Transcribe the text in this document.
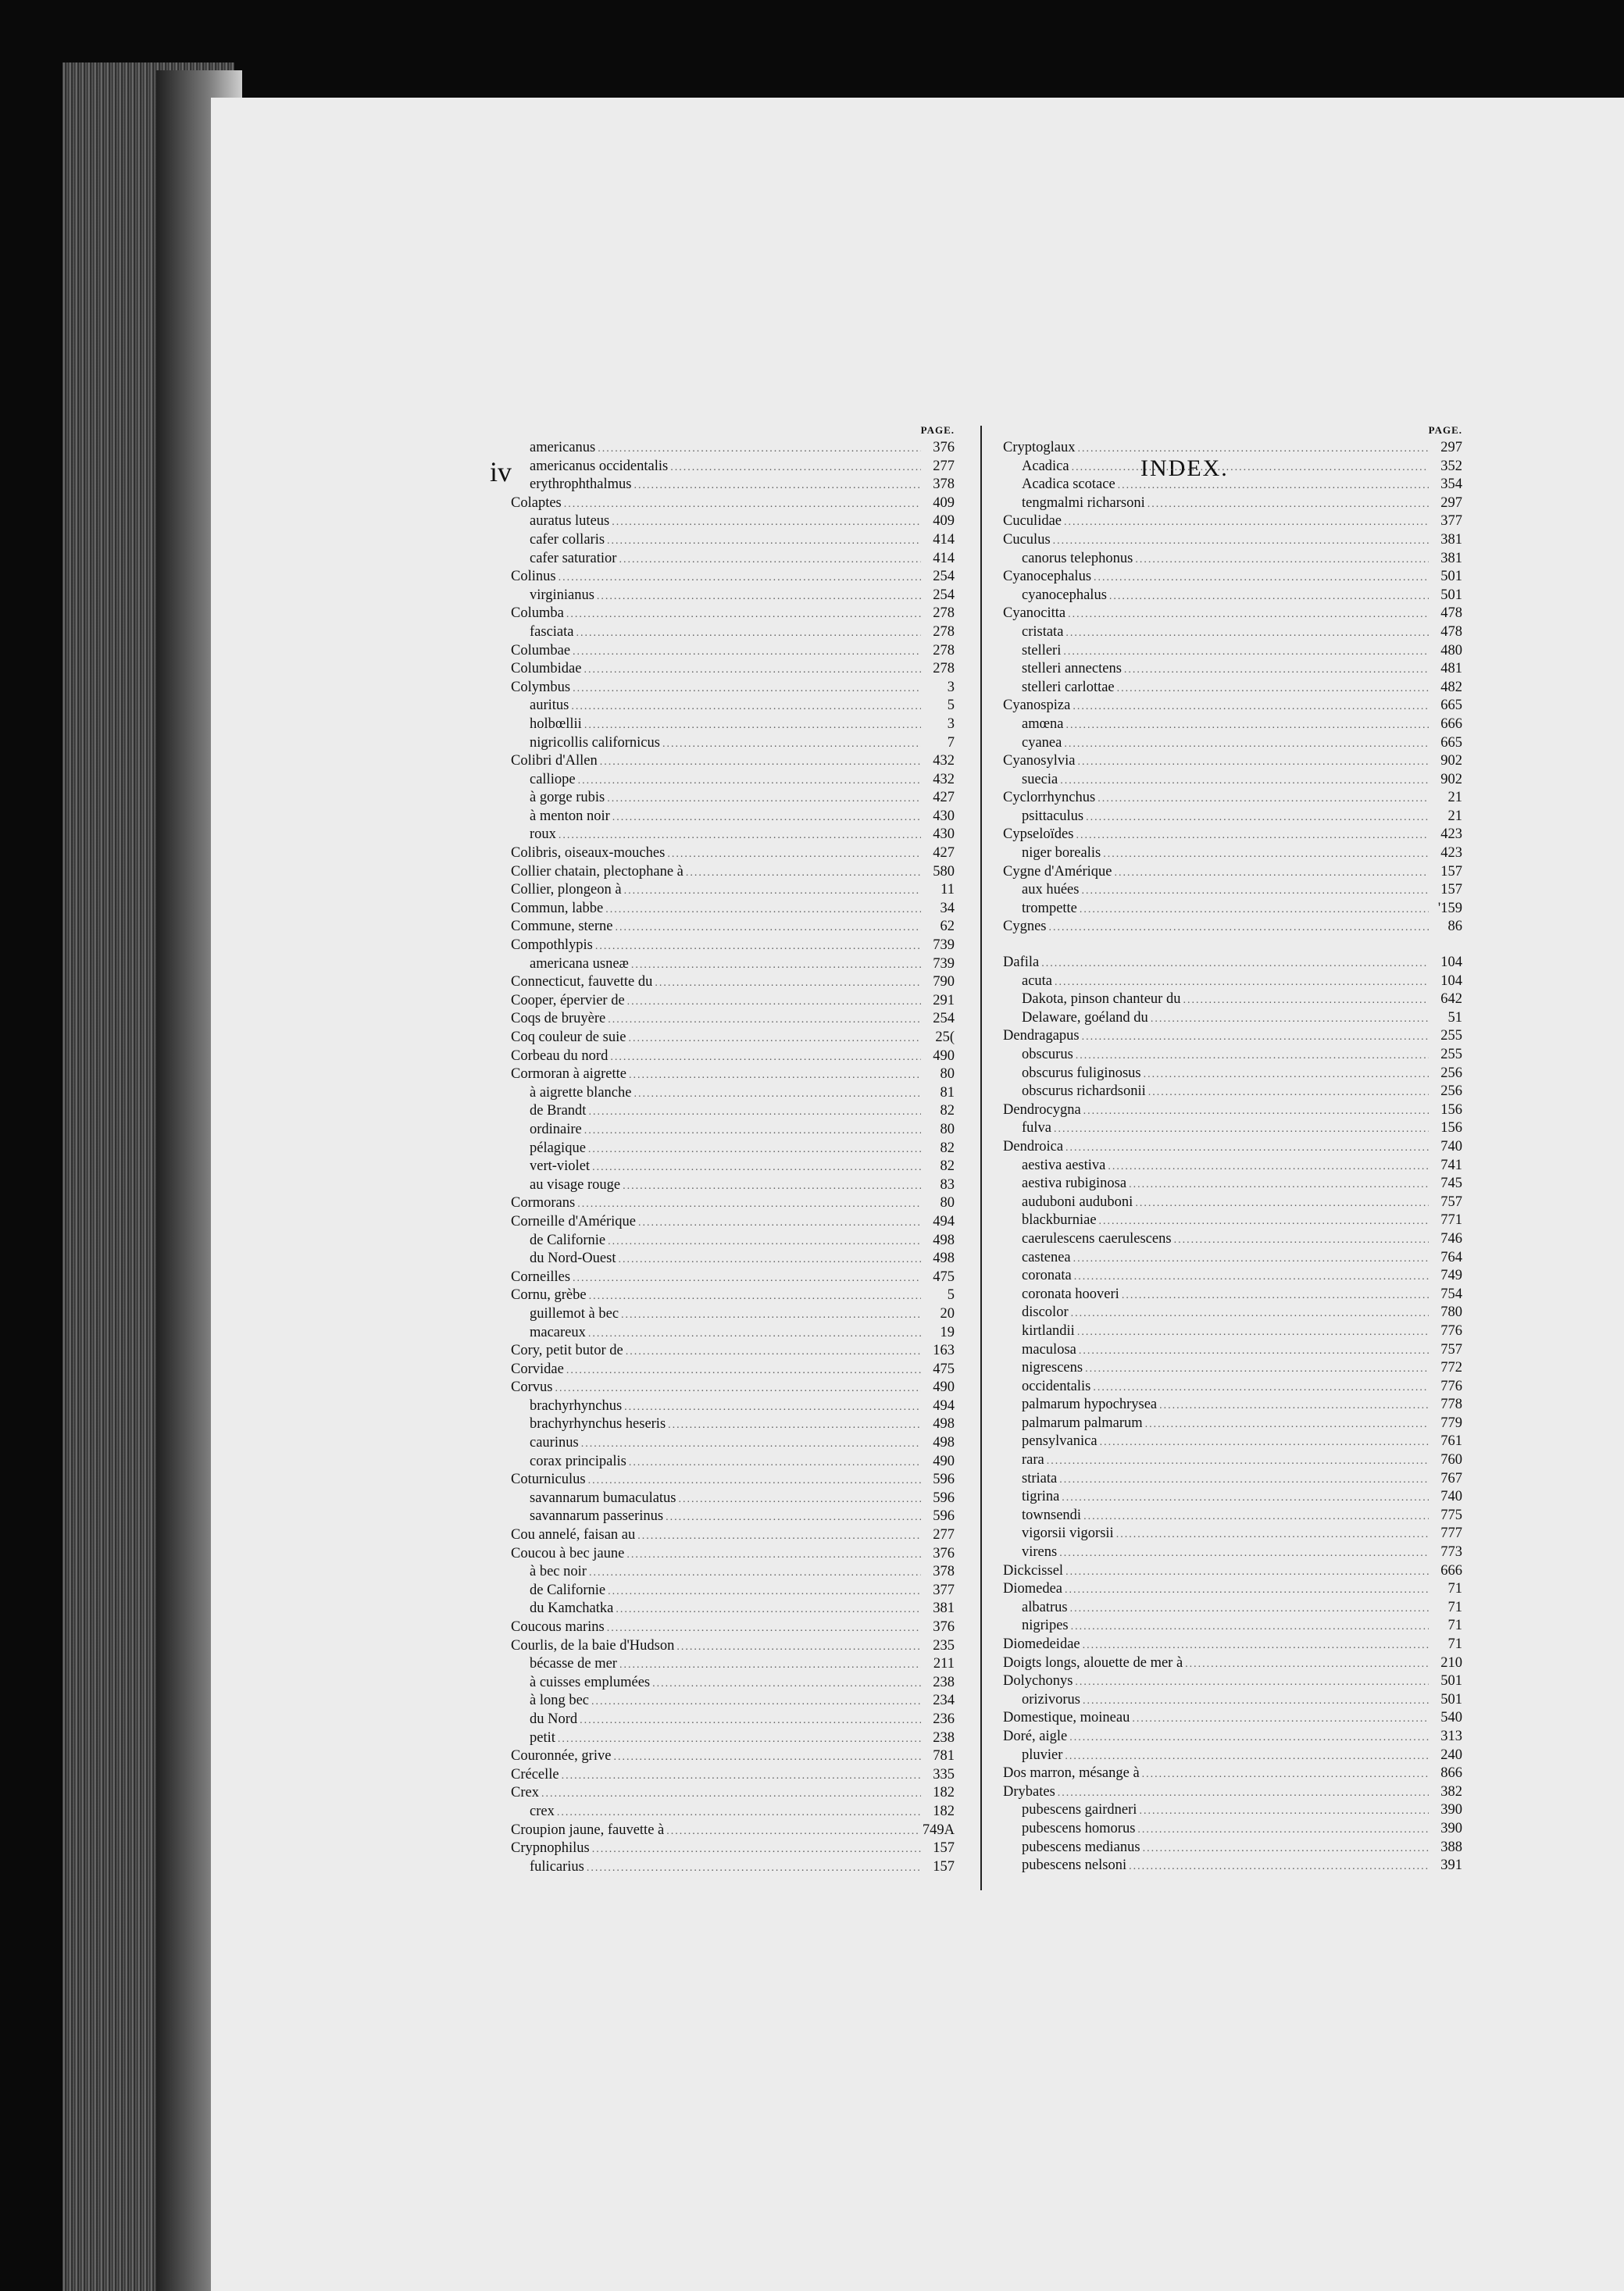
iv	INDEX.
PAGE.
americanus .....	376
americanus occidentalis .....	277
erythrophthalmus .....	378
Colaptes .....	409
auratus luteus .....	409
cafer collaris .....	414
cafer saturatior .....	414
Colinus .....	254
virginianus .....	254
Columba .....	278
fasciata .....	278
Columbae .....	278
Columbidae .....	278
Colymbus .....	3
auritus .....	5
holbœllii .....	3
nigricollis californicus .....	7
Colibri d'Allen .....	432
calliope .....	432
à gorge rubis .....	427
à menton noir .....	430
roux .....	430
Colibris, oiseaux-mouches .....	427
Collier chatain, plectophane à .....	580
Collier, plongeon à .....	11
Commun, labbe .....	34
Commune, sterne .....	62
Compothlypis .....	739
americana usneæ .....	739
Connecticut, fauvette du .....	790
Cooper, épervier de .....	291
Coqs de bruyère .....	254
Coq couleur de suie .....	25(
Corbeau du nord .....	490
Cormoran à aigrette .....	80
à aigrette blanche .....	81
de Brandt .....	82
ordinaire .....	80
pélagique .....	82
vert-violet .....	82
au visage rouge .....	83
Cormorans .....	80
Corneille d'Amérique .....	494
de Californie .....	498
du Nord-Ouest .....	498
Corneilles .....	475
Cornu, grèbe .....	5
guillemot à bec .....	20
macareux .....	19
Cory, petit butor de .....	163
Corvidae .....	475
Corvus .....	490
brachyrhynchus .....	494
brachyrhynchus heseris .....	498
caurinus .....	498
corax principalis .....	490
Coturniculus .....	596
savannarum bumaculatus .....	596
savannarum passerinus .....	596
Cou annelé, faisan au .....	277
Coucou à bec jaune .....	376
à bec noir .....	378
de Californie .....	377
du Kamchatka .....	381
Coucous marins .....	376
Courlis, de la baie d'Hudson .....	235
bécasse de mer .....	211
à cuisses emplumées .....	238
à long bec .....	234
du Nord .....	236
petit .....	238
Couronnée, grive .....	781
Crécelle .....	335
Crex .....	182
crex .....	182
Croupion jaune, fauvette à .....	749A
Crypnophilus .....	157
fulicarius .....	157
PAGE.
Cryptoglaux .....	297
Acadica .....	352
Acadica scotace .....	354
tengmalmi richarsoni .....	297
Cuculidae .....	377
Cuculus .....	381
canorus telephonus .....	381
Cyanocephalus .....	501
cyanocephalus .....	501
Cyanocitta .....	478
cristata .....	478
stelleri .....	480
stelleri annectens .....	481
stelleri carlottae .....	482
Cyanospiza .....	665
amœna .....	666
cyanea .....	665
Cyanosylvia .....	902
suecia .....	902
Cyclorrhynchus .....	21
psittaculus .....	21
Cypseloïdes .....	423
niger borealis .....	423
Cygne d'Amérique .....	157
aux huées .....	157
trompette .....	'159
Cygnes .....	86
Dafila .....	104
acuta .....	104
Dakota, pinson chanteur du .....	642
Delaware, goéland du .....	51
Dendragapus .....	255
obscurus .....	255
obscurus fuliginosus .....	256
obscurus richardsonii .....	256
Dendrocygna .....	156
fulva .....	156
Dendroica .....	740
aestiva aestiva .....	741
aestiva rubiginosa .....	745
auduboni auduboni .....	757
blackburniae .....	771
caerulescens caerulescens .....	746
castenea .....	764
coronata .....	749
coronata hooveri .....	754
discolor .....	780
kirtlandii .....	776
maculosa .....	757
nigrescens .....	772
occidentalis .....	776
palmarum hypochrysea .....	778
palmarum palmarum .....	779
pensylvanica .....	761
rara .....	760
striata .....	767
tigrina .....	740
townsendi .....	775
vigorsii vigorsii .....	777
virens .....	773
Dickcissel .....	666
Diomedea .....	71
albatrus .....	71
nigripes .....	71
Diomedeidae .....	71
Doigts longs, alouette de mer à .....	210
Dolychonys .....	501
orizivorus .....	501
Domestique, moineau .....	540
Doré, aigle .....	313
pluvier .....	240
Dos marron, mésange à .....	866
Drybates .....	382
pubescens gairdneri .....	390
pubescens homorus .....	390
pubescens medianus .....	388
pubescens nelsoni .....	391
